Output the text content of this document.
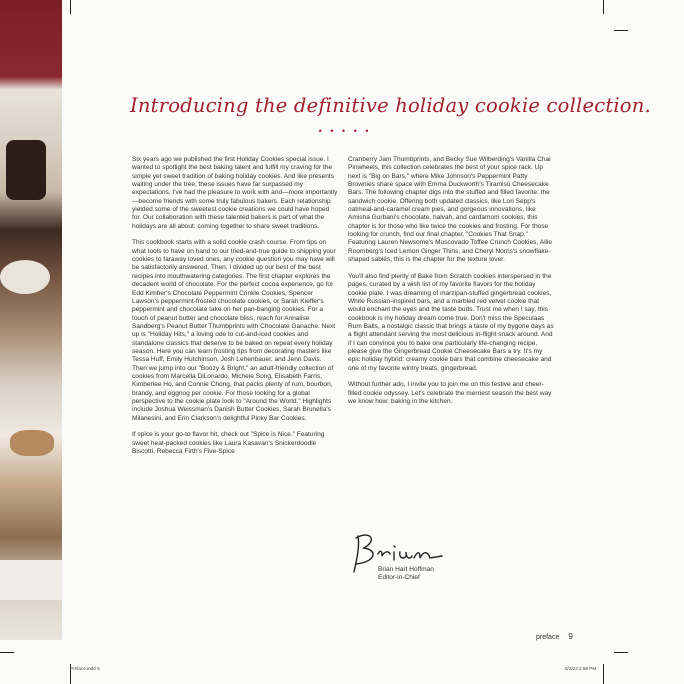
Introducing the definitive holiday cookie collection.
• • • • •

Six years ago we published the first Holiday Cookies special issue. I wanted to spotlight the best baking talent and fulfill my craving for the simple yet sweet tradition of baking holiday cookies. And like presents waiting under the tree, these issues have far surpassed my expectations. I've had the pleasure to work with and—more importantly—become friends with some truly fabulous bakers. Each relationship yielded some of the sweetest cookie creations we could have hoped for. Our collaboration with these talented bakers is part of what the holidays are all about: coming together to share sweet traditions.

This cookbook starts with a solid cookie crash course. From tips on what tools to have on hand to our tried-and-true guide to shipping your cookies to faraway loved ones, any cookie question you may have will be satisfactorily answered. Then, I divided up our best of the best recipes into mouthwatering categories. The first chapter explores the decadent world of chocolate. For the perfect cocoa experience, go for Edd Kimber's Chocolate Peppermint Crinkle Cookies, Spencer Lawson's peppermint-frosted chocolate cookies, or Sarah Kieffer's peppermint and chocolate take on her pan-banging cookies. For a touch of peanut butter and chocolate bliss, reach for Annalise Sandberg's Peanut Butter Thumbprints with Chocolate Ganache. Next up is "Holiday Hits," a loving ode to cut-and-iced cookies and standalone classics that deserve to be baked on repeat every holiday season. Here you can learn frosting tips from decorating masters like Tessa Huff, Emily Hutchinson, Josh Lehenbauer, and Jenn Davis. Then we jump into our "Boozy & Bright," an adult-friendly collection of cookies from Marcella DiLonardo, Michele Song, Elisabeth Farris, Kimberlee Ho, and Connie Chong, that packs plenty of rum, bourbon, brandy, and eggnog per cookie. For those looking for a global perspective to the cookie plate look to "Around the World." Highlights include Joshua Weissman's Danish Butter Cookies, Sarah Brunella's Milanesini, and Erin Clarkson's delightful Pinky Bar Cookies.

If spice is your go-to flavor hit, check out "Spice is Nice." Featuring sweet heat-packed cookies like Laura Kasavan's Snickerdoodle Biscotti, Rebecca Firth's Five-Spice

Cranberry Jam Thumbprints, and Becky Sue Wilberding's Vanilla Chai Pinwheels, this collection celebrates the best of your spice rack. Up next is "Big on Bars," where Mike Johnson's Peppermint Patty Brownies share space with Emma Duckworth's Tiramisù Cheesecake Bars. The following chapter digs into the stuffed and filled favorite: the sandwich cookie. Offering both updated classics, like Lori Sepp's oatmeal-and-caramel cream pies, and gorgeous innovations, like Amisha Gurbani's chocolate, halvah, and cardamom cookies, this chapter is for those who like twice the cookies and frosting. For those looking for crunch, find our final chapter, "Cookies That Snap." Featuring Lauren Newsome's Muscovado Toffee Crunch Cookies, Allie Roomberg's Iced Lemon Ginger Thins, and Cheryl Norris's snowflake-shaped sablés, this is the chapter for the texture lover.

You'll also find plenty of Bake from Scratch cookies interspersed in the pages, curated by a wish list of my favorite flavors for the holiday cookie plate. I was dreaming of marzipan-stuffed gingerbread cookies, White Russian-inspired bars, and a marbled red velvet cookie that would enchant the eyes and the taste buds. Trust me when I say, this cookbook is my holiday dream come true. Don't miss the Speculaas Rum Balls, a nostalgic classic that brings a taste of my bygone days as a flight attendant serving the most delicious in-flight snack around. And if I can convince you to bake one particularly life-changing recipe, please give the Gingerbread Cookie Cheesecake Bars a try. It's my epic holiday hybrid: creamy cookie bars that combine cheesecake and one of my favorite wintry treats, gingerbread.

Without further ado, I invite you to join me on this festive and cheer-filled cookie odyssey. Let's celebrate the merriest season the best way we know how: baking in the kitchen.

Brian Hart Hoffman
Editor-in-Chief
preface 9
Preface.indd 9	5/2/22 2:58 PM
